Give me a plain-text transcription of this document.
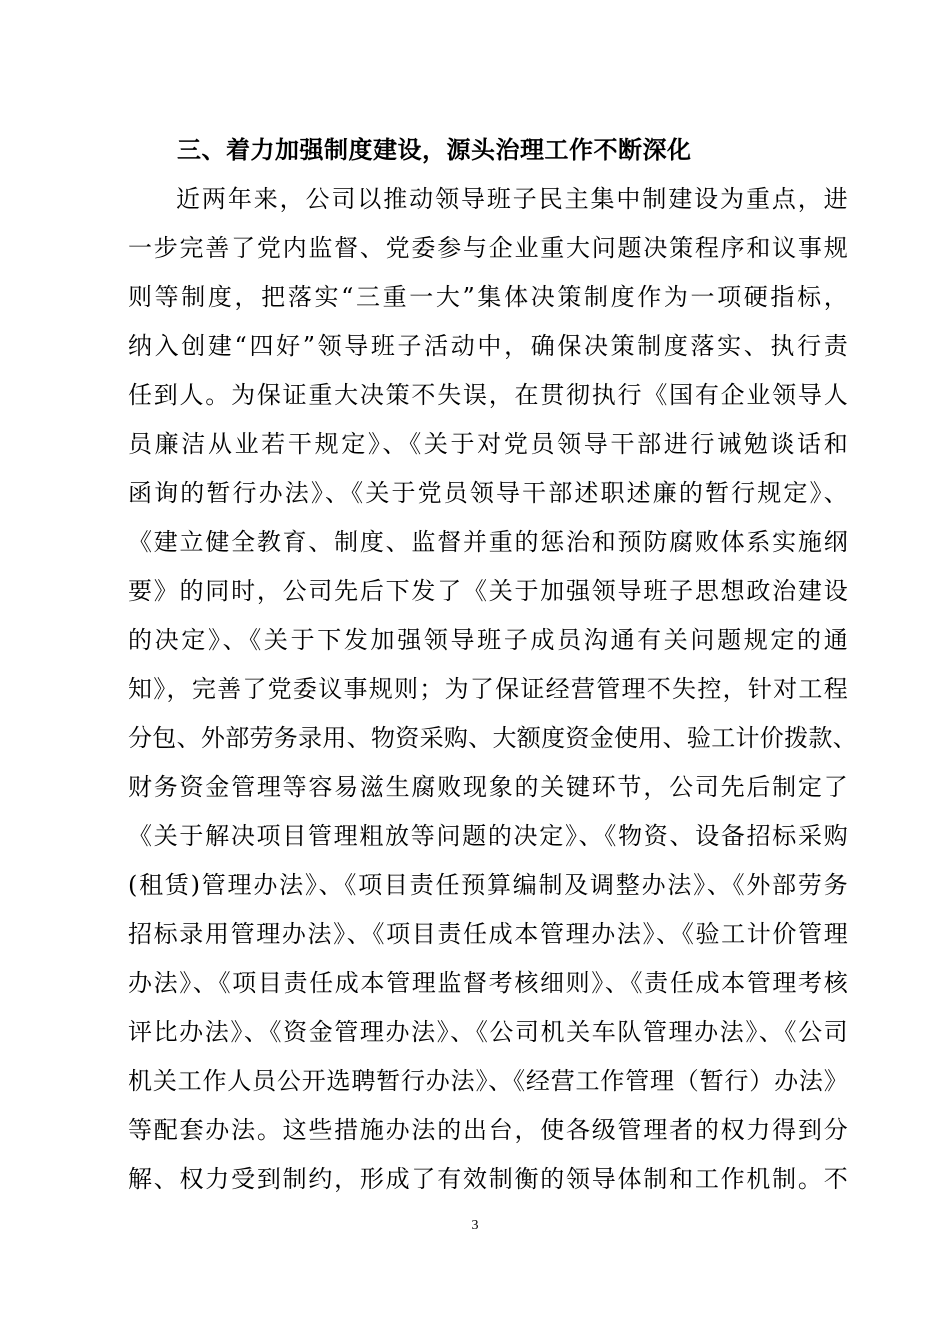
三、着力加强制度建设，源头治理工作不断深化
近两年来，公司以推动领导班子民主集中制建设为重点，进
一步完善了党内监督、党委参与企业重大问题决策程序和议事规
则等制度，把落实“三重一大”集体决策制度作为一项硬指标，
纳入创建“四好”领导班子活动中，确保决策制度落实、执行责
任到人。为保证重大决策不失误，在贯彻执行《国有企业领导人
员廉洁从业若干规定》、《关于对党员领导干部进行诫勉谈话和
函询的暂行办法》、《关于党员领导干部述职述廉的暂行规定》、
《建立健全教育、制度、监督并重的惩治和预防腐败体系实施纲
要》的同时，公司先后下发了《关于加强领导班子思想政治建设
的决定》、《关于下发加强领导班子成员沟通有关问题规定的通
知》，完善了党委议事规则；为了保证经营管理不失控，针对工程
分包、外部劳务录用、物资采购、大额度资金使用、验工计价拨款、
财务资金管理等容易滋生腐败现象的关键环节，公司先后制定了
《关于解决项目管理粗放等问题的决定》、《物资、设备招标采购
(租赁)管理办法》、《项目责任预算编制及调整办法》、《外部劳务
招标录用管理办法》、《项目责任成本管理办法》、《验工计价管理
办法》、《项目责任成本管理监督考核细则》、《责任成本管理考核
评比办法》、《资金管理办法》、《公司机关车队管理办法》、《公司
机关工作人员公开选聘暂行办法》、《经营工作管理（暂行）办法》
等配套办法。这些措施办法的出台，使各级管理者的权力得到分
解、权力受到制约，形成了有效制衡的领导体制和工作机制。不
3
